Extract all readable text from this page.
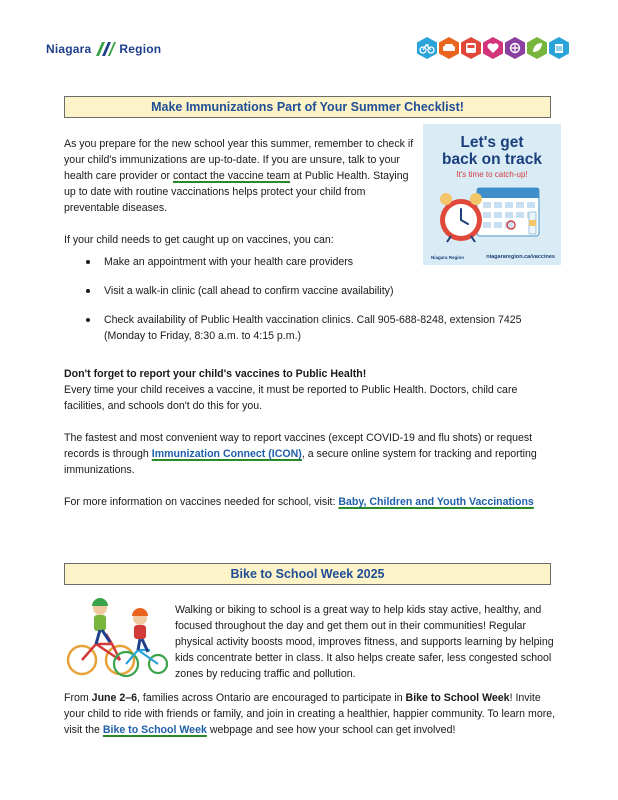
Niagara Region
Make Immunizations Part of Your Summer Checklist!

As you prepare for the new school year this summer, remember to check if your child's immunizations are up-to-date. If you are unsure, talk to your health care provider or contact the vaccine team at Public Health. Staying up to date with routine vaccinations helps protect your child from preventable diseases.

Let's get
back on track
It's time to catch-up!
Niagara Region	niagararegion.ca/vaccines

If your child needs to get caught up on vaccines, you can:

Make an appointment with your health care providers
Visit a walk-in clinic (call ahead to confirm vaccine availability)
Check availability of Public Health vaccination clinics. Call 905-688-8248, extension 7425 (Monday to Friday, 8:30 a.m. to 4:15 p.m.)

Don't forget to report your child's vaccines to Public Health!
Every time your child receives a vaccine, it must be reported to Public Health. Doctors, child care facilities, and schools don't do this for you.

The fastest and most convenient way to report vaccines (except COVID-19 and flu shots) or request records is through Immunization Connect (ICON), a secure online system for tracking and reporting immunizations.

For more information on vaccines needed for school, visit: Baby, Children and Youth Vaccinations

Bike to School Week 2025

Walking or biking to school is a great way to help kids stay active, healthy, and focused throughout the day and get them out in their communities! Regular physical activity boosts mood, improves fitness, and supports learning by helping kids concentrate better in class. It also helps create safer, less congested school zones by reducing traffic and pollution.

From June 2–6, families across Ontario are encouraged to participate in Bike to School Week! Invite your child to ride with friends or family, and join in creating a healthier, happier community. To learn more, visit the Bike to School Week webpage and see how your school can get involved!
